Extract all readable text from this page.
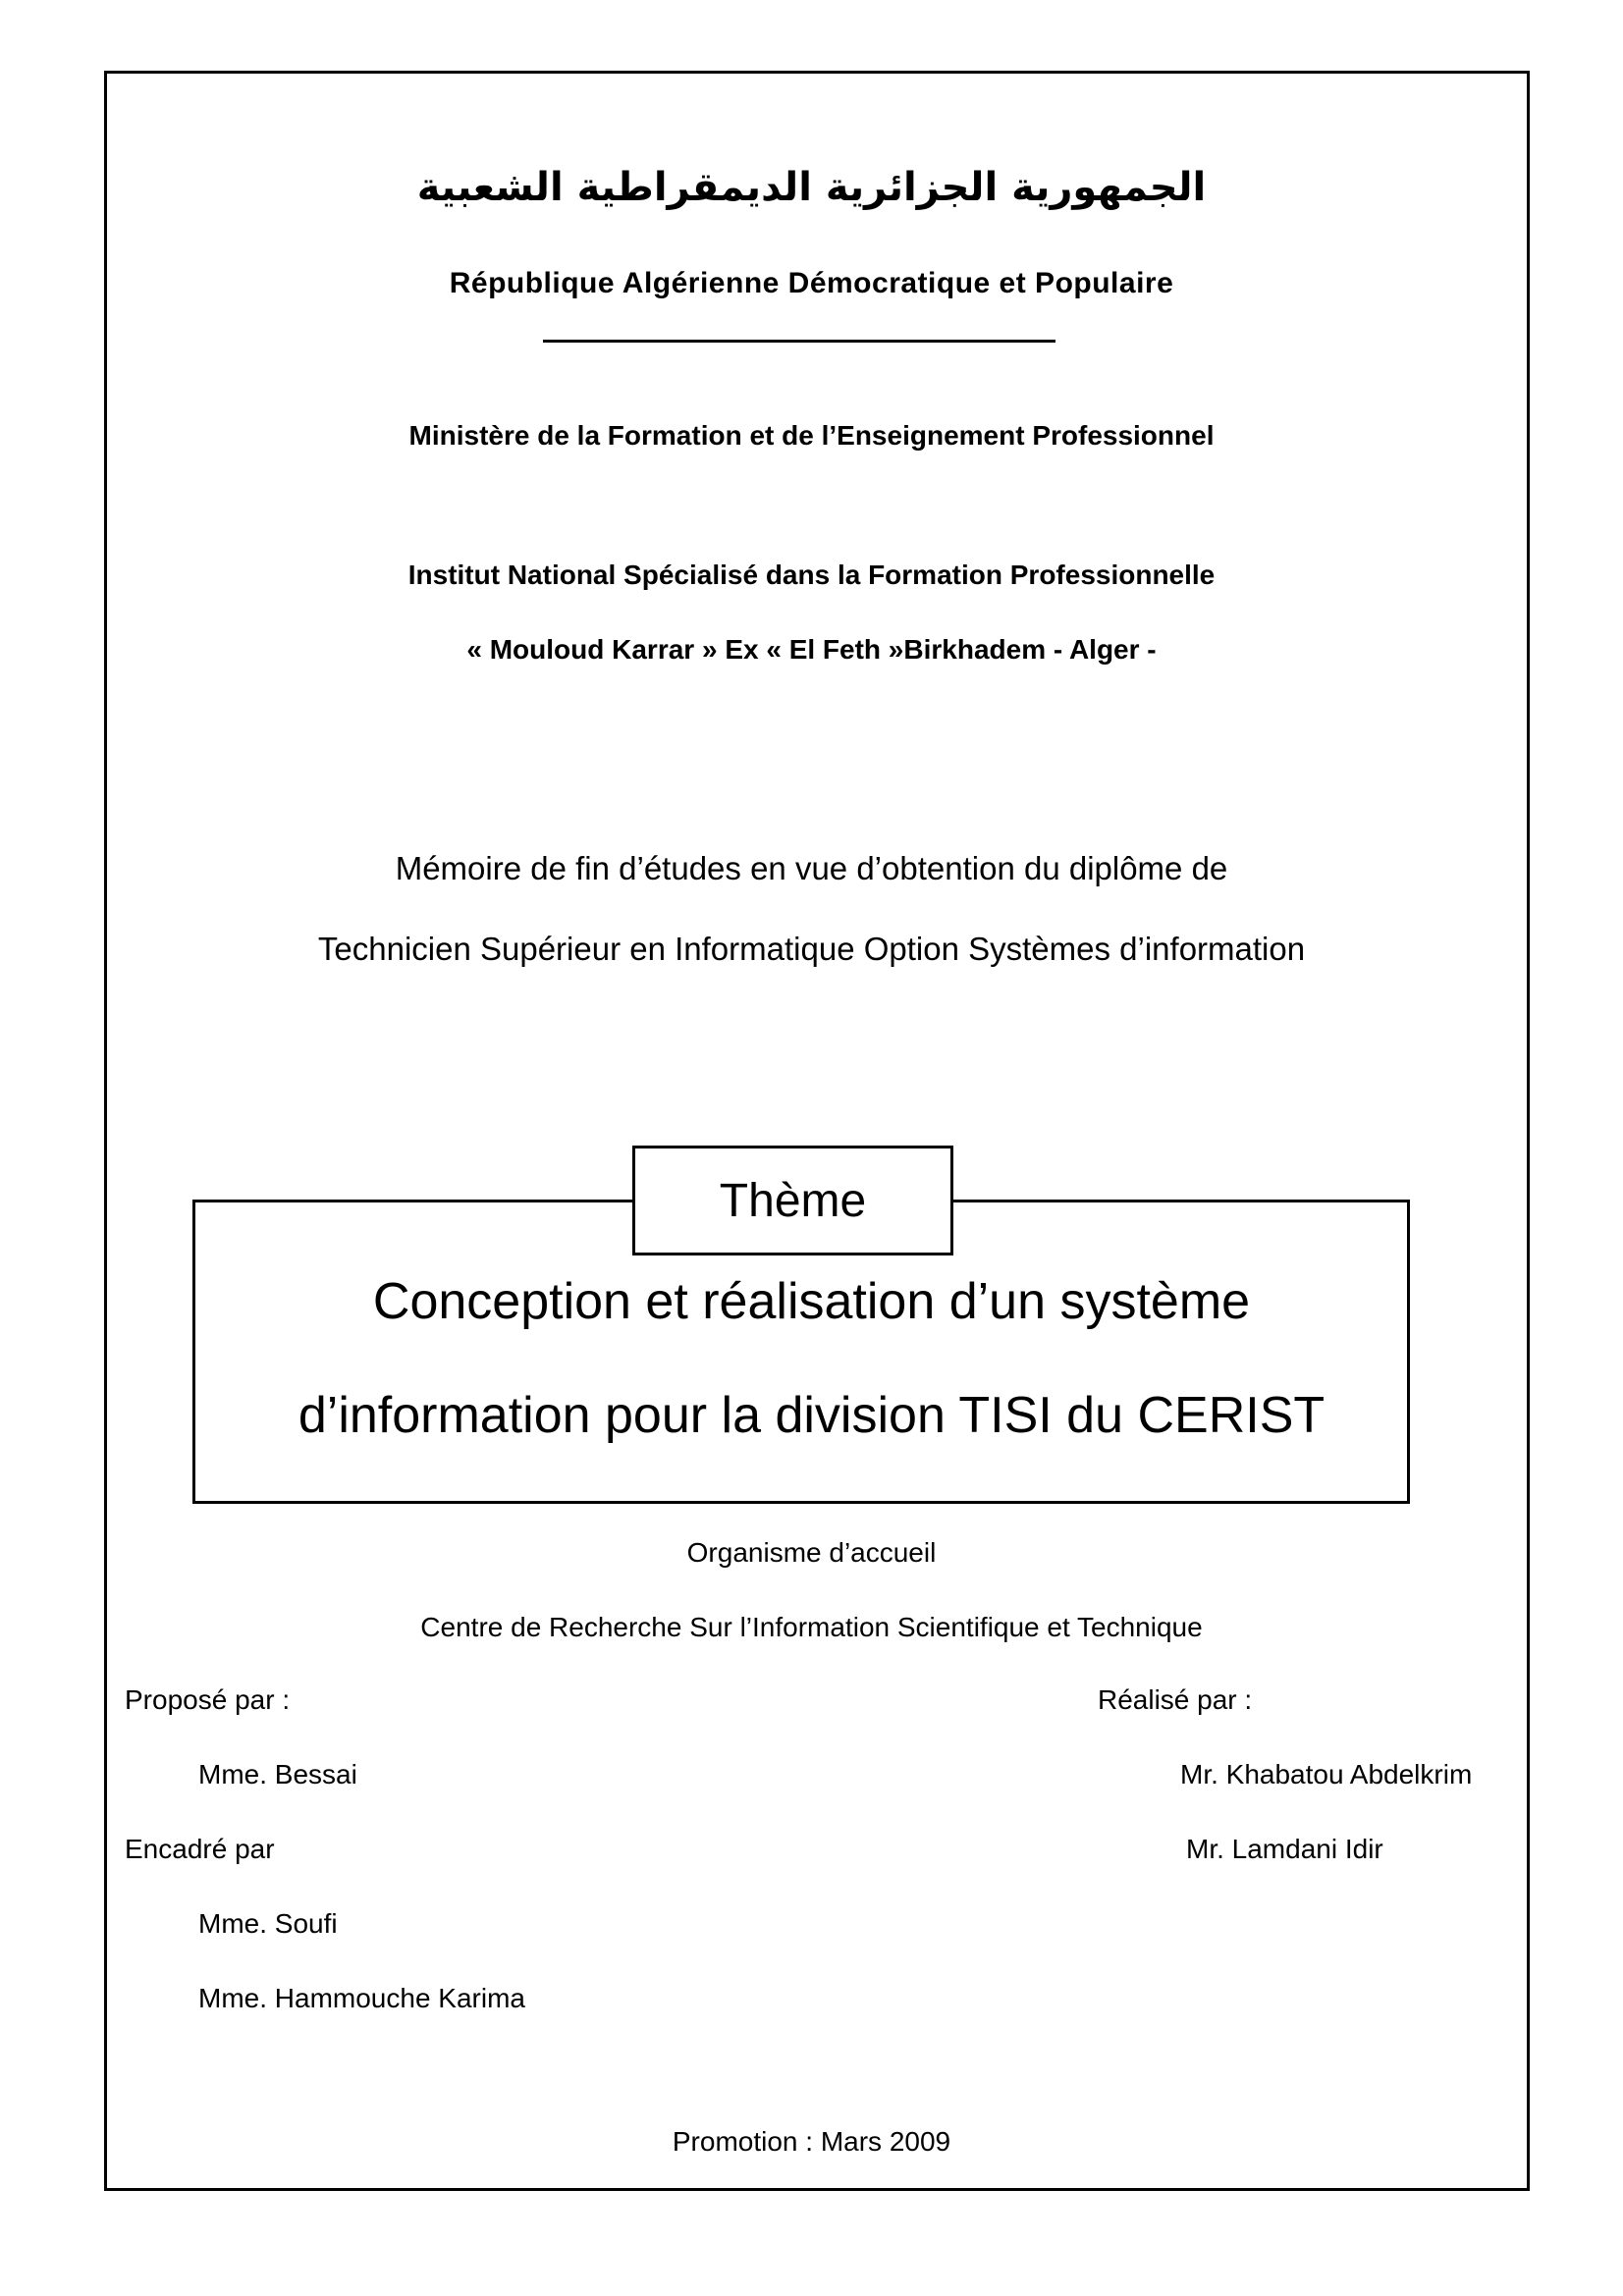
الجمهورية الجزائرية الديمقراطية الشعبية
République Algérienne Démocratique et Populaire
Ministère de la Formation et de l’Enseignement Professionnel
Institut National Spécialisé dans la Formation Professionnelle
« Mouloud Karrar » Ex « El Feth »Birkhadem - Alger -
Mémoire de fin d’études en vue d’obtention du diplôme de
Technicien Supérieur en Informatique Option Systèmes d’information
Thème
Conception et réalisation d’un système
d’information pour la division TISI du CERIST
Organisme d’accueil
Centre de Recherche Sur l’Information Scientifique et Technique
Proposé par :
Mme. Bessai
Encadré par
Mme. Soufi
Mme. Hammouche Karima
Réalisé par :
Mr. Khabatou Abdelkrim
Mr. Lamdani Idir
Promotion : Mars 2009
